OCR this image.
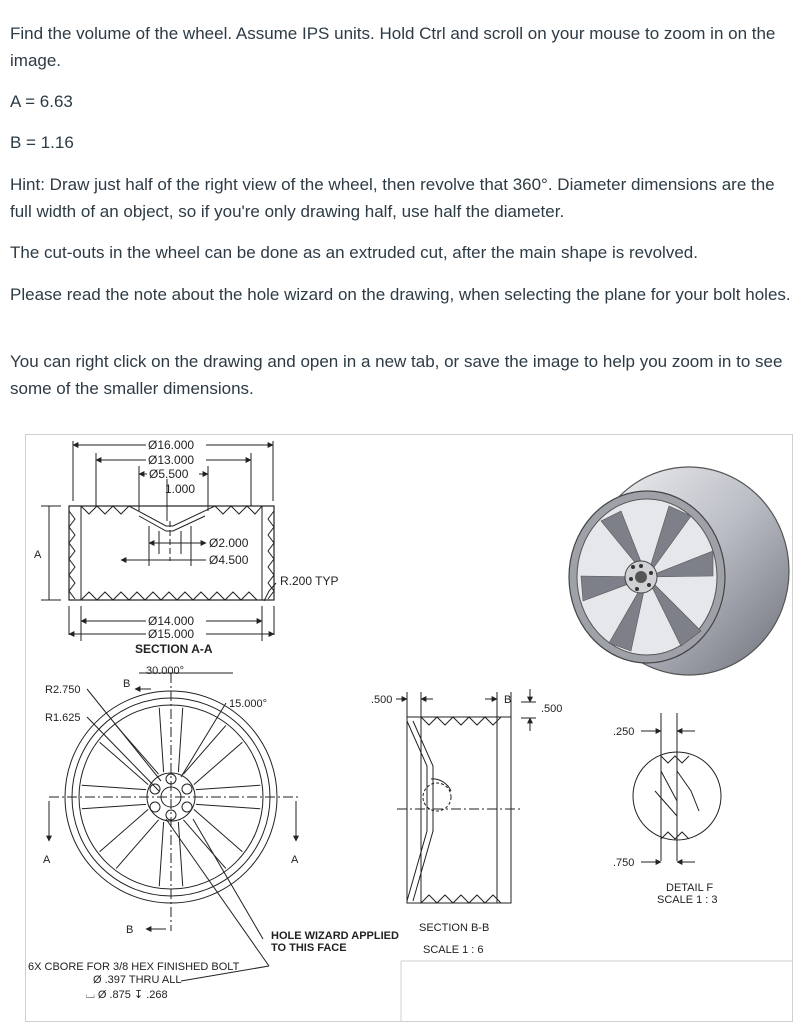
Find the volume of the wheel. Assume IPS units. Hold Ctrl and scroll on your mouse to zoom in on the image.

A = 6.63

B = 1.16

Hint: Draw just half of the right view of the wheel, then revolve that 360°. Diameter dimensions are the full width of an object, so if you're only drawing half, use half the diameter.

The cut-outs in the wheel can be done as an extruded cut, after the main shape is revolved.

Please read the note about the hole wizard on the drawing, when selecting the plane for your bolt holes.

You can right click on the drawing and open in a new tab, or save the image to help you zoom in to see some of the smaller dimensions.

Ø16.000
Ø13.000
Ø5.500
1.000
Ø2.000
Ø4.500
R.200 TYP
Ø14.000
Ø15.000
SECTION A-A
A
30.000°
15.000°
R2.750
R1.625
B
B
A	A
6X CBORE FOR 3/8 HEX FINISHED BOLT
Ø .397 THRU ALL
⌴ Ø .875 ↧ .268
HOLE WIZARD APPLIED
TO THIS FACE
.500
.500
B
SECTION B-B
SCALE 1 : 6
.250
.750
DETAIL F
SCALE 1 : 3
